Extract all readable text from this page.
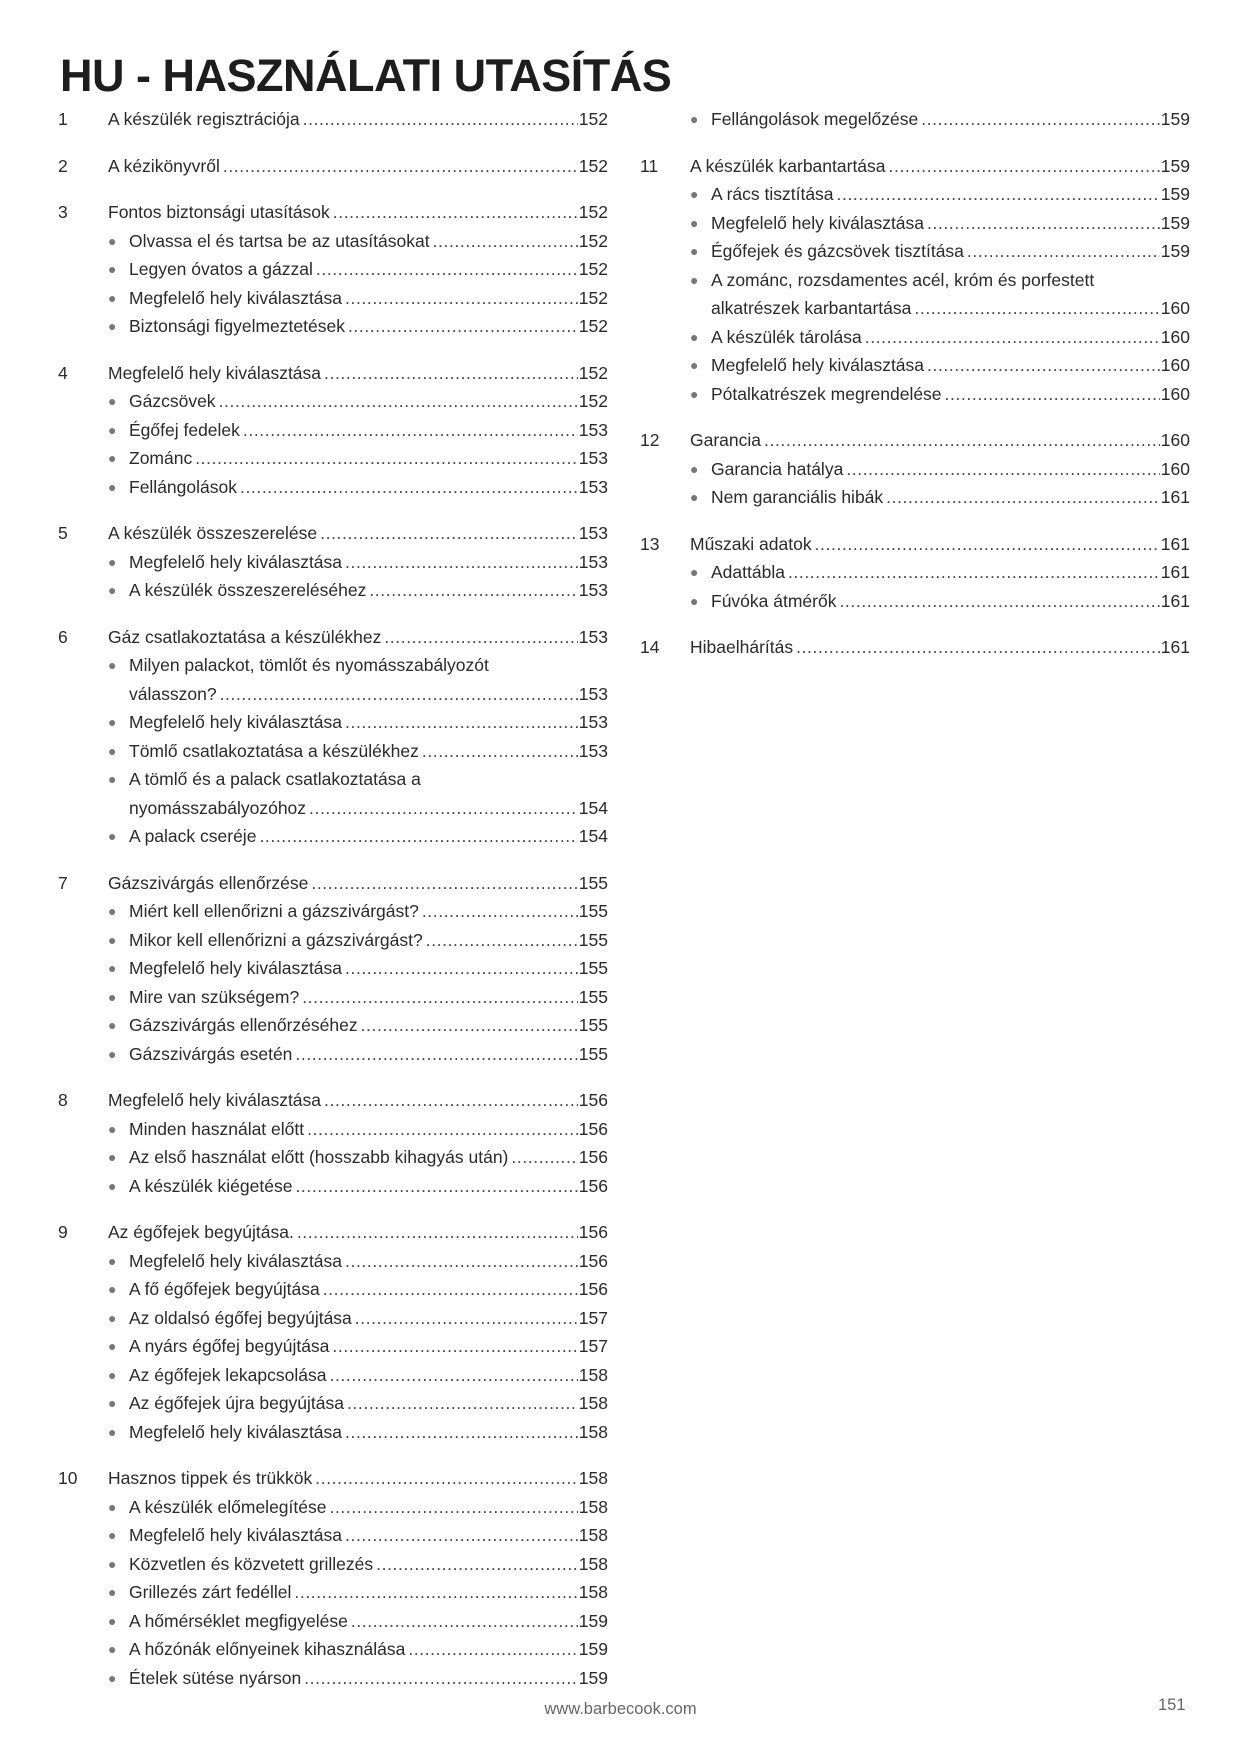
HU - HASZNÁLATI UTASÍTÁS
1	A készülék regisztrációja .....	152
2	A kézikönyvről .....	152
3	Fontos biztonsági utasítások .....	152
● Olvassa el és tartsa be az utasításokat .....	152
● Legyen óvatos a gázzal .....	152
● Megfelelő hely kiválasztása .....	152
● Biztonsági figyelmeztetések .....	152
4	Megfelelő hely kiválasztása .....	152
● Gázcsövek .....	152
● Égőfej fedelek .....	153
● Zománc .....	153
● Fellángolások .....	153
5	A készülék összeszerelése .....	153
● Megfelelő hely kiválasztása .....	153
● A készülék összeszereléséhez .....	153
6	Gáz csatlakoztatása a készülékhez .....	153
● Milyen palackot, tömlőt és nyomásszabályozót
válasszon? .....	153
● Megfelelő hely kiválasztása .....	153
● Tömlő csatlakoztatása a készülékhez .....	153
● A tömlő és a palack csatlakoztatása a
nyomásszabályozóhoz .....	154
● A palack cseréje .....	154
7	Gázszivárgás ellenőrzése .....	155
● Miért kell ellenőrizni a gázszivárgást? .....	155
● Mikor kell ellenőrizni a gázszivárgást? .....	155
● Megfelelő hely kiválasztása .....	155
● Mire van szükségem? .....	155
● Gázszivárgás ellenőrzéséhez .....	155
● Gázszivárgás esetén .....	155
8	Megfelelő hely kiválasztása .....	156
● Minden használat előtt .....	156
● Az első használat előtt (hosszabb kihagyás után) .....	156
● A készülék kiégetése .....	156
9	Az égőfejek begyújtása. .....	156
● Megfelelő hely kiválasztása .....	156
● A fő égőfejek begyújtása .....	156
● Az oldalsó égőfej begyújtása .....	157
● A nyárs égőfej begyújtása .....	157
● Az égőfejek lekapcsolása .....	158
● Az égőfejek újra begyújtása .....	158
● Megfelelő hely kiválasztása .....	158
10	Hasznos tippek és trükkök .....	158
● A készülék előmelegítése .....	158
● Megfelelő hely kiválasztása .....	158
● Közvetlen és közvetett grillezés .....	158
● Grillezés zárt fedéllel .....	158
● A hőmérséklet megfigyelése .....	159
● A hőzónák előnyeinek kihasználása .....	159
● Ételek sütése nyárson .....	159
● Fellángolások megelőzése .....	159
11	A készülék karbantartása .....	159
● A rács tisztítása .....	159
● Megfelelő hely kiválasztása .....	159
● Égőfejek és gázcsövek tisztítása .....	159
● A zománc, rozsdamentes acél, króm és porfestett
alkatrészek karbantartása .....	160
● A készülék tárolása .....	160
● Megfelelő hely kiválasztása .....	160
● Pótalkatrészek megrendelése .....	160
12	Garancia .....	160
● Garancia hatálya .....	160
● Nem garanciális hibák .....	161
13	Műszaki adatok .....	161
● Adattábla .....	161
● Fúvóka átmérők .....	161
14	Hibaelhárítás .....	161
www.barbecook.com	151
